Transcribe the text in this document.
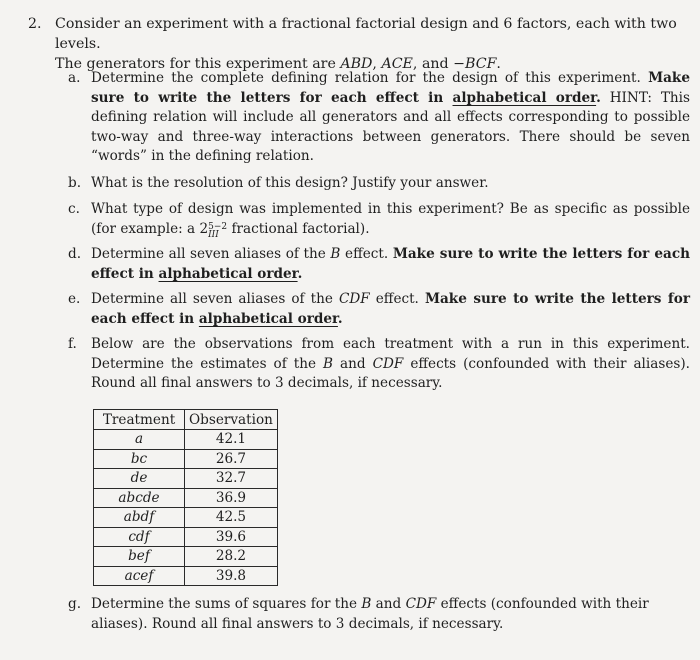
2. Consider an experiment with a fractional factorial design and 6 factors, each with two levels.
The generators for this experiment are ABD, ACE, and −BCF.
a. Determine the complete defining relation for the design of this experiment. Make sure to write the letters for each effect in alphabetical order. HINT: This defining relation will include all generators and all effects corresponding to possible two-way and three-way interactions between generators. There should be seven “words” in the defining relation.
b. What is the resolution of this design? Justify your answer.
c. What type of design was implemented in this experiment? Be as specific as possible (for example: a 2 5−2
III fractional factorial).
d. Determine all seven aliases of the B effect. Make sure to write the letters for each effect in alphabetical order.
e. Determine all seven aliases of the CDF effect. Make sure to write the letters for each effect in alphabetical order.
f.	Below are the observations from each treatment with a run in this experiment. Determine the estimates of the B and CDF effects (confounded with their aliases). Round all final answers to 3 decimals, if necessary.
Treatment	Observation
a	42.1
bc	26.7
de	32.7
abcde	36.9
abdf	42.5
cdf	39.6
bef	28.2
acef	39.8
g. Determine the sums of squares for the B and CDF effects (confounded with their aliases). Round all final answers to 3 decimals, if necessary.
